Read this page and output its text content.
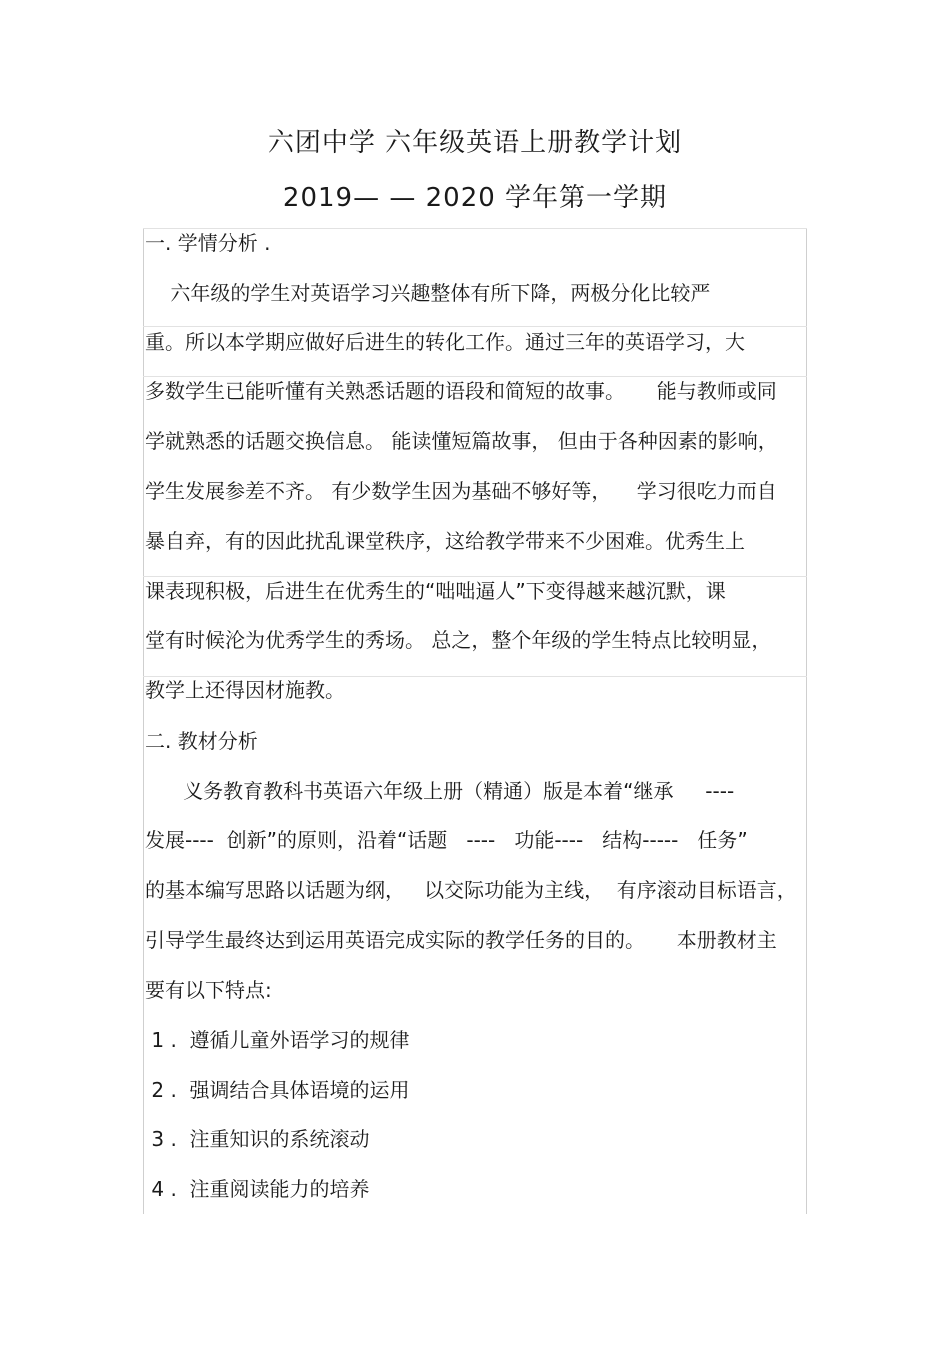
六团中学 六年级英语上册教学计划
2019— — 2020 学年第一学期
一. 学情分析 .
六年级的学生对英语学习兴趣整体有所下降，两极分化比较严
重。所以本学期应做好后进生的转化工作。通过三年的英语学习，大
多数学生已能听懂有关熟悉话题的语段和简短的故事。     能与教师或同
学就熟悉的话题交换信息。 能读懂短篇故事， 但由于各种因素的影响，
学生发展参差不齐。 有少数学生因为基础不够好等，    学习很吃力而自
暴自弃，有的因此扰乱课堂秩序，这给教学带来不少困难。优秀生上
课表现积极，后进生在优秀生的“咄咄逼人”下变得越来越沉默，课
堂有时候沦为优秀学生的秀场。 总之，整个年级的学生特点比较明显，
教学上还得因材施教。
二. 教材分析
义务教育教科书英语六年级上册（精通）版是本着“继承     ----
发展----  创新”的原则，沿着“话题   ----   功能----   结构-----   任务”
的基本编写思路以话题为纲，   以交际功能为主线，  有序滚动目标语言，
引导学生最终达到运用英语完成实际的教学任务的目的。     本册教材主
要有以下特点:
1 .  遵循儿童外语学习的规律
2 .  强调结合具体语境的运用
3 .  注重知识的系统滚动
4 .  注重阅读能力的培养
